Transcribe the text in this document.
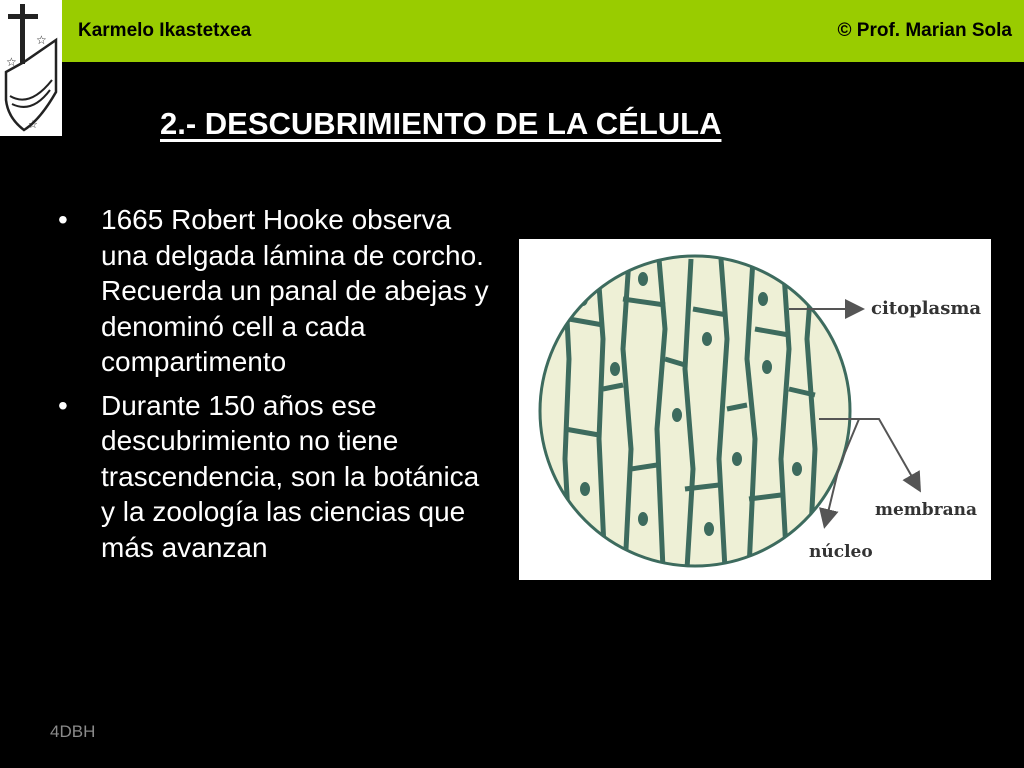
☆
☆
☆
Karmelo Ikastetxea	© Prof. Marian Sola
2.- DESCUBRIMIENTO DE LA CÉLULA
• 1665 Robert Hooke observa una delgada lámina de corcho. Recuerda un panal de abejas y denominó cell a cada compartimento
• Durante 150 años ese descubrimiento no tiene trascendencia, son la botánica y la zoología las ciencias que más avanzan
citoplasma
membrana
núcleo
4DBH
